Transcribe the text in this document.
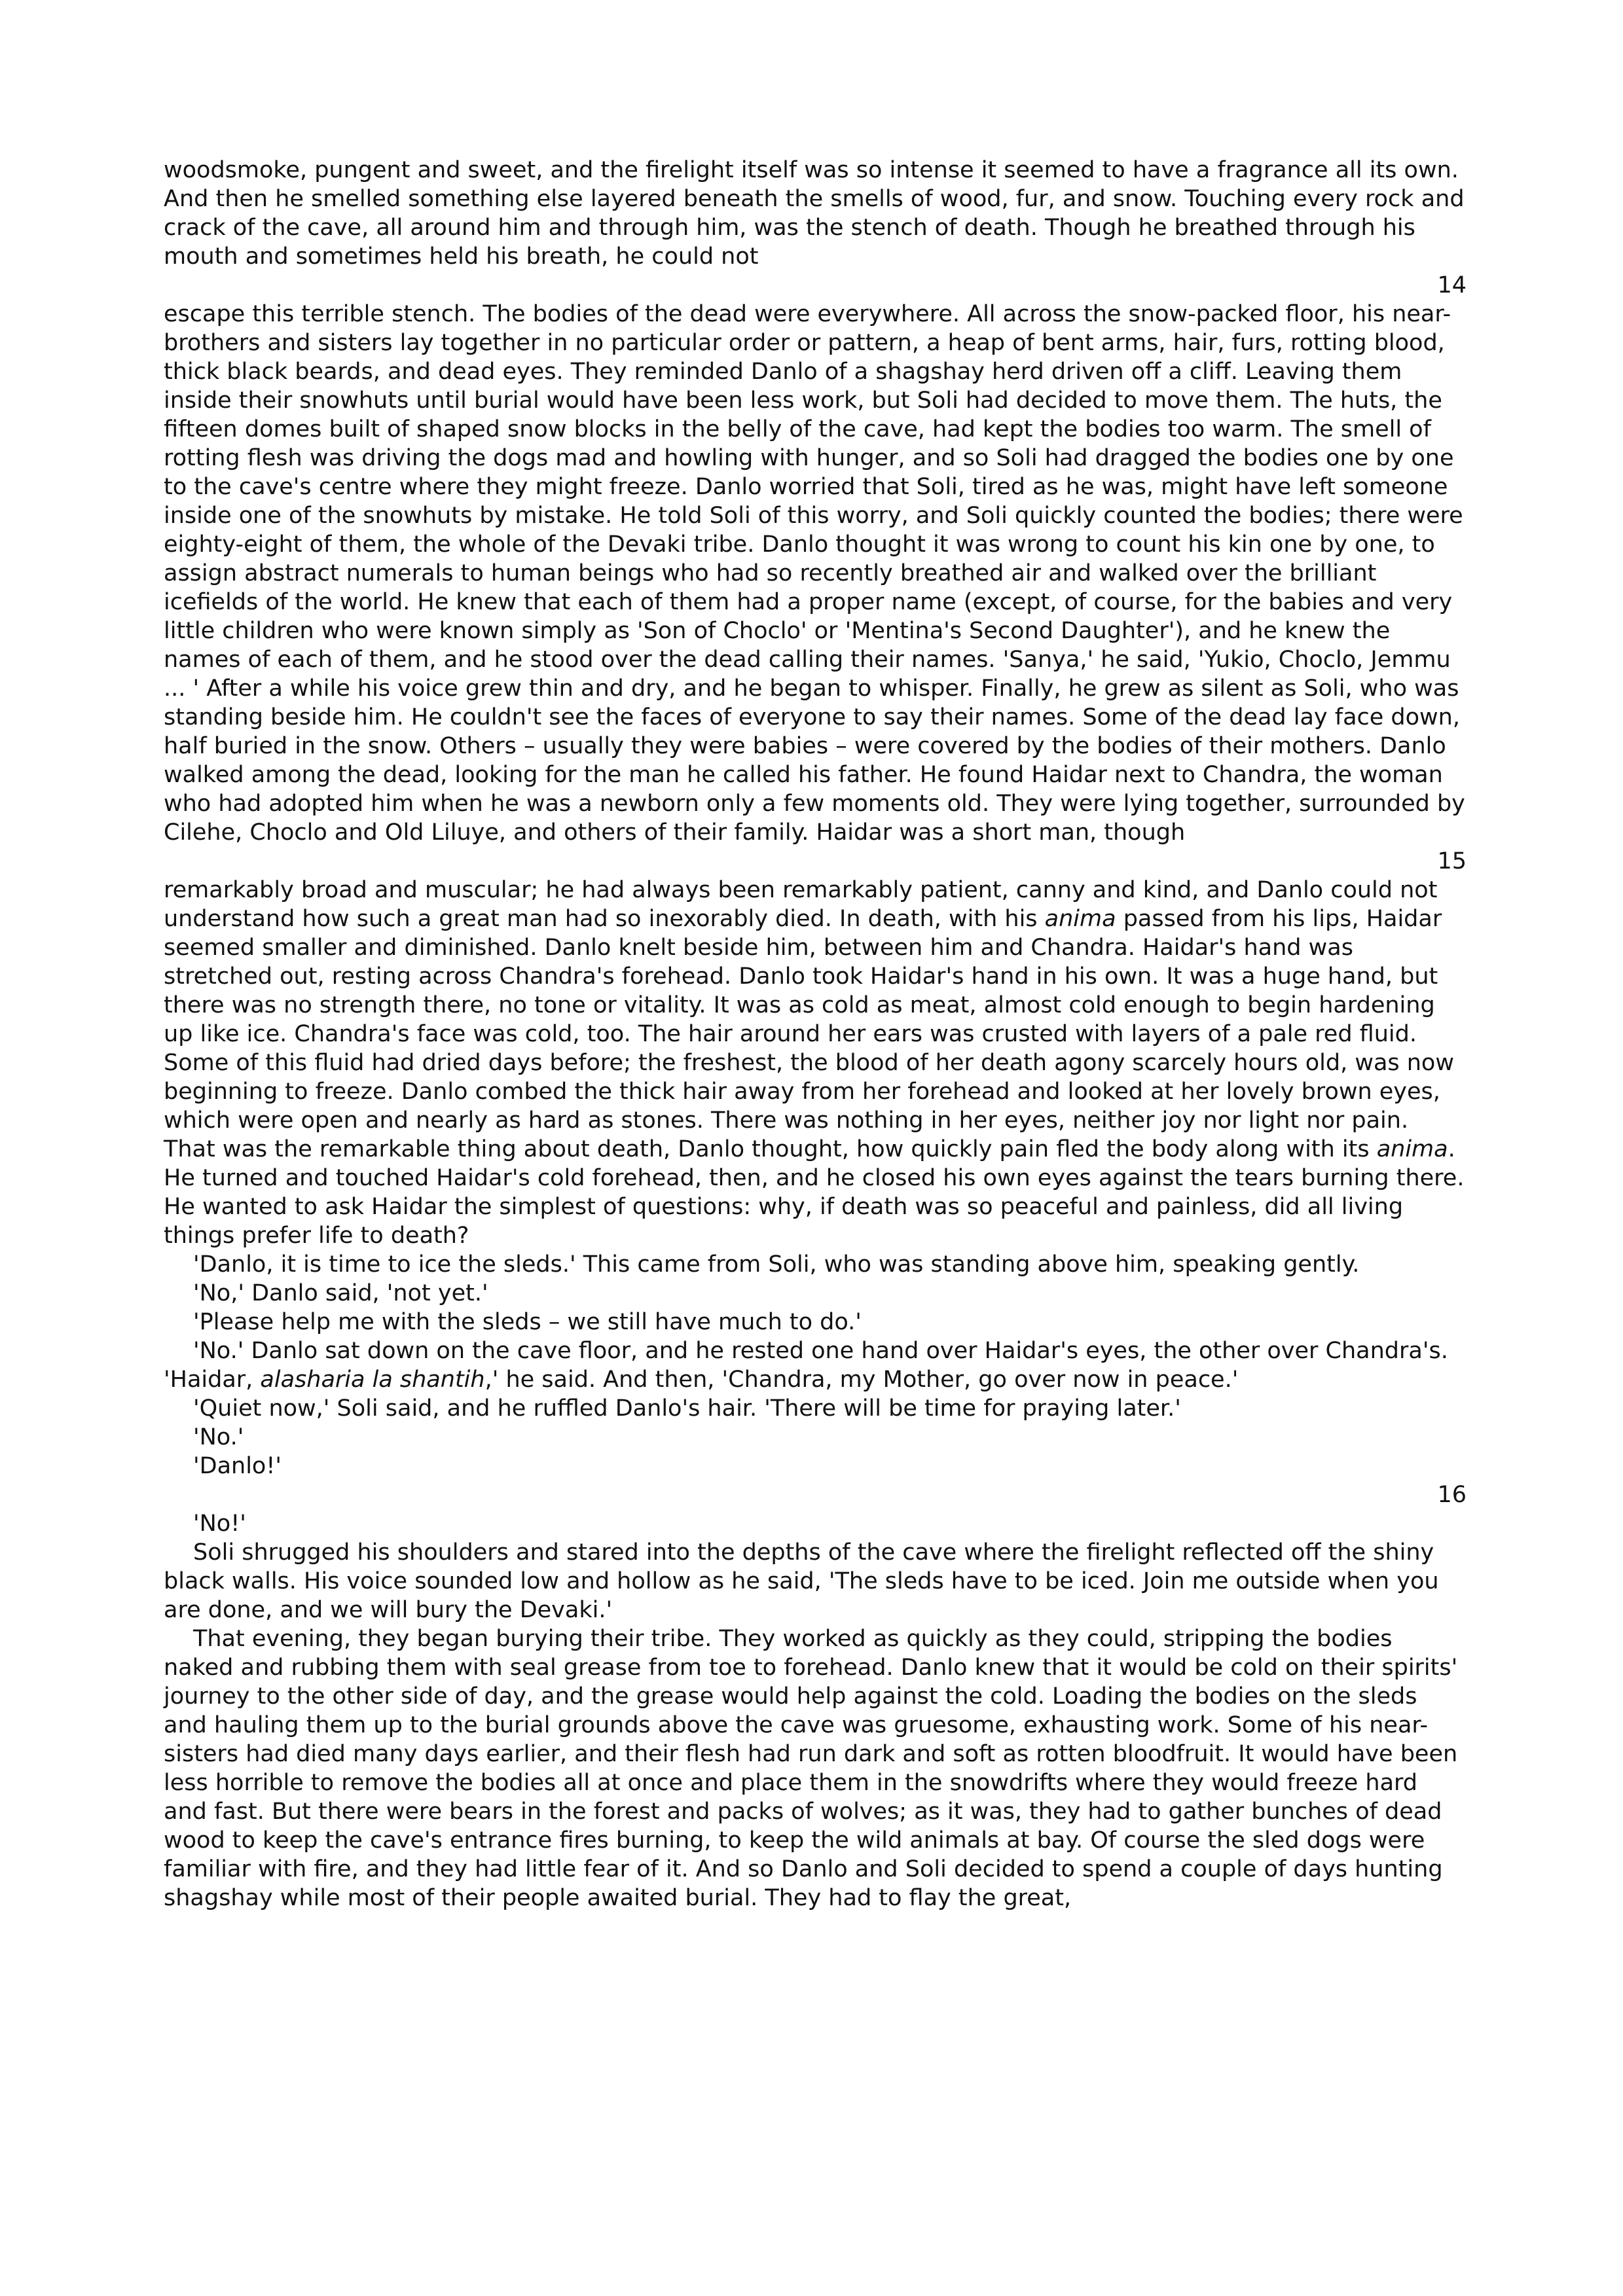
woodsmoke, pungent and sweet, and the firelight itself was so intense it seemed to have a fragrance all its own. And then he smelled something else layered beneath the smells of wood, fur, and snow. Touching every rock and crack of the cave, all around him and through him, was the stench of death. Though he breathed through his mouth and sometimes held his breath, he could not

14

escape this terrible stench. The bodies of the dead were everywhere. All across the snow-packed floor, his near-brothers and sisters lay together in no particular order or pattern, a heap of bent arms, hair, furs, rotting blood, thick black beards, and dead eyes. They reminded Danlo of a shagshay herd driven off a cliff. Leaving them inside their snowhuts until burial would have been less work, but Soli had decided to move them. The huts, the fifteen domes built of shaped snow blocks in the belly of the cave, had kept the bodies too warm. The smell of rotting flesh was driving the dogs mad and howling with hunger, and so Soli had dragged the bodies one by one to the cave's centre where they might freeze. Danlo worried that Soli, tired as he was, might have left someone inside one of the snowhuts by mistake. He told Soli of this worry, and Soli quickly counted the bodies; there were eighty-eight of them, the whole of the Devaki tribe. Danlo thought it was wrong to count his kin one by one, to assign abstract numerals to human beings who had so recently breathed air and walked over the brilliant icefields of the world. He knew that each of them had a proper name (except, of course, for the babies and very little children who were known simply as 'Son of Choclo' or 'Mentina's Second Daughter'), and he knew the names of each of them, and he stood over the dead calling their names. 'Sanya,' he said, 'Yukio, Choclo, Jemmu ... ' After a while his voice grew thin and dry, and he began to whisper. Finally, he grew as silent as Soli, who was standing beside him. He couldn't see the faces of everyone to say their names. Some of the dead lay face down, half buried in the snow. Others – usually they were babies – were covered by the bodies of their mothers. Danlo walked among the dead, looking for the man he called his father. He found Haidar next to Chandra, the woman who had adopted him when he was a newborn only a few moments old. They were lying together, surrounded by Cilehe, Choclo and Old Liluye, and others of their family. Haidar was a short man, though

15

remarkably broad and muscular; he had always been remarkably patient, canny and kind, and Danlo could not understand how such a great man had so inexorably died. In death, with his anima passed from his lips, Haidar seemed smaller and diminished. Danlo knelt beside him, between him and Chandra. Haidar's hand was stretched out, resting across Chandra's forehead. Danlo took Haidar's hand in his own. It was a huge hand, but there was no strength there, no tone or vitality. It was as cold as meat, almost cold enough to begin hardening up like ice. Chandra's face was cold, too. The hair around her ears was crusted with layers of a pale red fluid. Some of this fluid had dried days before; the freshest, the blood of her death agony scarcely hours old, was now beginning to freeze. Danlo combed the thick hair away from her forehead and looked at her lovely brown eyes, which were open and nearly as hard as stones. There was nothing in her eyes, neither joy nor light nor pain. That was the remarkable thing about death, Danlo thought, how quickly pain fled the body along with its anima. He turned and touched Haidar's cold forehead, then, and he closed his own eyes against the tears burning there. He wanted to ask Haidar the simplest of questions: why, if death was so peaceful and painless, did all living things prefer life to death?

'Danlo, it is time to ice the sleds.' This came from Soli, who was standing above him, speaking gently.

'No,' Danlo said, 'not yet.'

'Please help me with the sleds – we still have much to do.'

'No.' Danlo sat down on the cave floor, and he rested one hand over Haidar's eyes, the other over Chandra's. 'Haidar, alasharia la shantih,' he said. And then, 'Chandra, my Mother, go over now in peace.'

'Quiet now,' Soli said, and he ruffled Danlo's hair. 'There will be time for praying later.'

'No.'

'Danlo!'

16

'No!'

Soli shrugged his shoulders and stared into the depths of the cave where the firelight reflected off the shiny black walls. His voice sounded low and hollow as he said, 'The sleds have to be iced. Join me outside when you are done, and we will bury the Devaki.'

That evening, they began burying their tribe. They worked as quickly as they could, stripping the bodies naked and rubbing them with seal grease from toe to forehead. Danlo knew that it would be cold on their spirits' journey to the other side of day, and the grease would help against the cold. Loading the bodies on the sleds and hauling them up to the burial grounds above the cave was gruesome, exhausting work. Some of his near-sisters had died many days earlier, and their flesh had run dark and soft as rotten bloodfruit. It would have been less horrible to remove the bodies all at once and place them in the snowdrifts where they would freeze hard and fast. But there were bears in the forest and packs of wolves; as it was, they had to gather bunches of dead wood to keep the cave's entrance fires burning, to keep the wild animals at bay. Of course the sled dogs were familiar with fire, and they had little fear of it. And so Danlo and Soli decided to spend a couple of days hunting shagshay while most of their people awaited burial. They had to flay the great,
